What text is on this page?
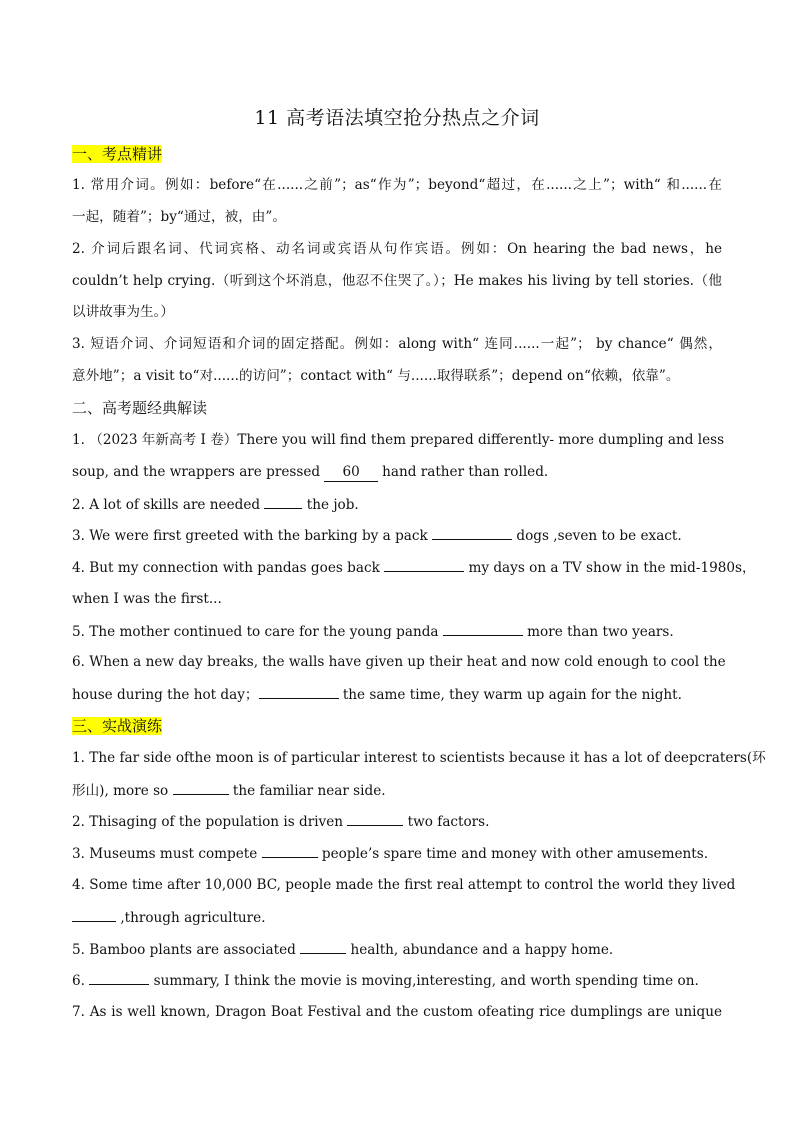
11 高考语法填空抢分热点之介词
一、考点精讲
1. 常用介词。例如：before“在......之前”；as“作为”；beyond“超过，在......之上”；with“ 和......在
一起，随着”；by“通过，被，由”。
2. 介词后跟名词、代词宾格、动名词或宾语从句作宾语。例如：On hearing the bad news，he
couldn’t help crying.（听到这个坏消息，他忍不住哭了。）；He makes his living by tell stories.（他
以讲故事为生。）
3. 短语介词、介词短语和介词的固定搭配。例如：along with“ 连同......一起”； by chance“ 偶然，
意外地”；a visit to“对......的访问”；contact with“ 与......取得联系”；depend on“依赖，依靠”。
二、高考题经典解读
1. （2023 年新高考 I 卷）There you will find them prepared differently- more dumpling and less
soup, and the wrappers are pressed 60 hand rather than rolled.
2. A lot of skills are needed	the job.
3. We were first greeted with the barking by a pack	dogs ,seven to be exact.
4. But my connection with pandas goes back	my days on a TV show in the mid-1980s，
when I was the first...
5. The mother continued to care for the young panda	more than two years.
6. When a new day breaks, the walls have given up their heat and now cold enough to cool the
house during the hot day；	the same time, they warm up again for the night.
三、实战演练
1. The far side ofthe moon is of particular interest to scientists because it has a lot of deepcraters(环
形山), more so	the familiar near side.
2. Thisaging of the population is driven	two factors.
3. Museums must compete	people’s spare time and money with other amusements.
4. Some time after 10,000 BC, people made the first real attempt to control the world they lived
,through agriculture.
5. Bamboo plants are associated	health, abundance and a happy home.
6.	summary, I think the movie is moving,interesting, and worth spending time on.
7. As is well known, Dragon Boat Festival and the custom ofeating rice dumplings are unique
